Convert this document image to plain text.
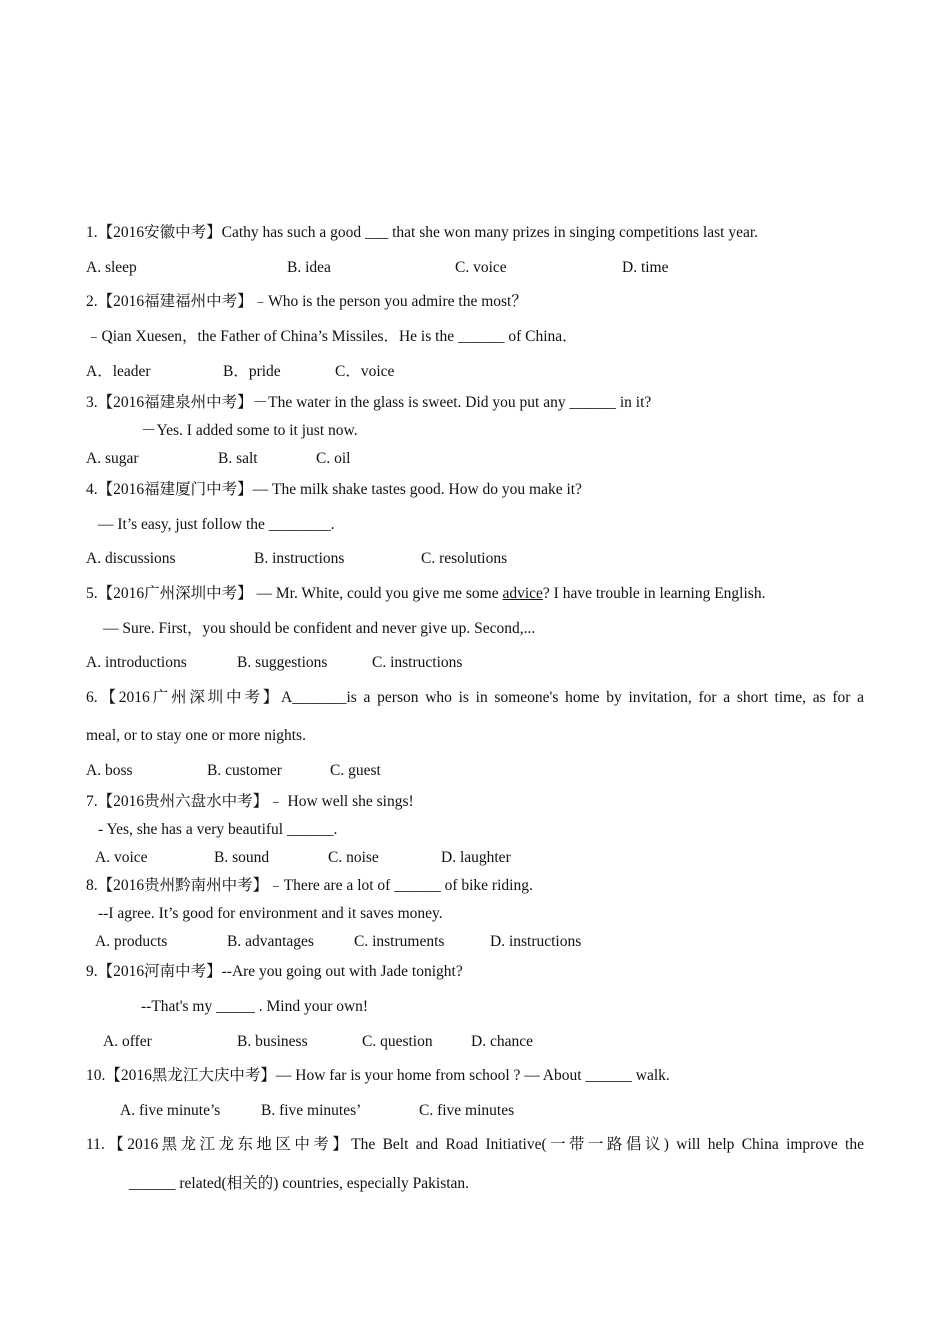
1.【2016安徽中考】Cathy has such a good ___ that she won many prizes in singing competitions last year.
A. sleep	B. idea	C. voice	D. time
2.【2016福建福州中考】﹣Who is the person you admire the most？
﹣Qian Xuesen，the Father of China’s Missiles．He is the ______ of China．
A．leader	B．pride	C．voice
3.【2016福建泉州中考】－The water in the glass is sweet. Did you put any ______ in it?
－Yes. I added some to it just now.
A. sugar	B. salt	C. oil
4.【2016福建厦门中考】— The milk shake tastes good. How do you make it?
— It’s easy, just follow the ________.
A. discussions	B. instructions	C. resolutions
5.【2016广州深圳中考】 — Mr. White, could you give me some advice? I have trouble in learning English.
— Sure. First，you should be confident and never give up. Second,...
A. introductions	B. suggestions	C. instructions
6.【2016广州深圳中考】A_______is a person who is in someone's home by invitation, for a short time, as for a
meal, or to stay one or more nights.
A. boss	B. customer	C. guest
7.【2016贵州六盘水中考】﹣ How well she sings!
- Yes, she has a very beautiful ______.
A. voice	B. sound	C. noise	D. laughter
8.【2016贵州黔南州中考】﹣There are a lot of ______ of bike riding.
--I agree. It’s good for environment and it saves money.
A. products	B. advantages	C. instruments	D. instructions
9.【2016河南中考】--Are you going out with Jade tonight?
--That's my _____ . Mind your own!
A. offer	B. business	C. question D. chance
10.【2016黑龙江大庆中考】— How far is your home from school ? — About ______ walk.
A. five minute’s	B. five minutes’	C. five minutes
11.【2016黑龙江龙东地区中考】The Belt and Road Initiative(一带一路倡议) will help China improve the
______ related(相关的) countries, especially Pakistan.
